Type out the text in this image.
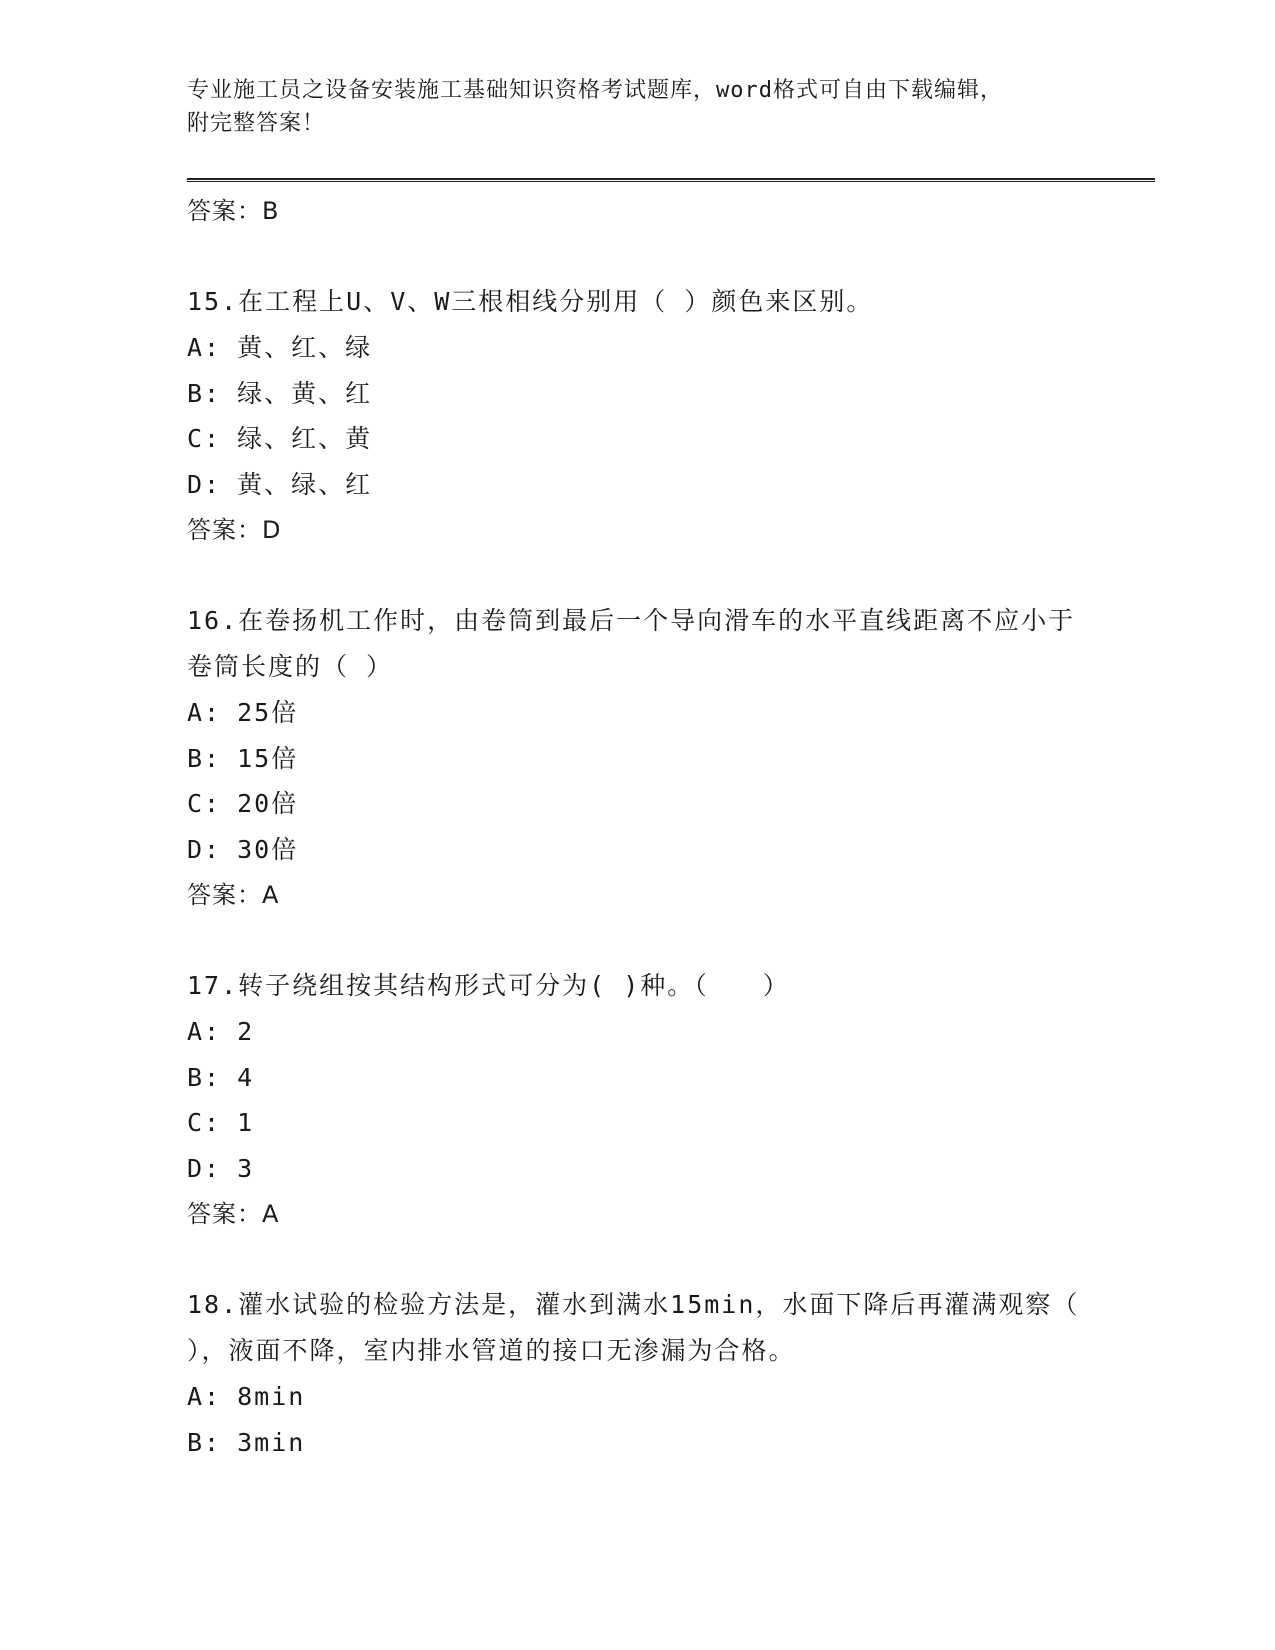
专业施工员之设备安装施工基础知识资格考试题库，word格式可自由下载编辑，
附完整答案！
答案：B
15.在工程上U、V、W三根相线分别用（ ）颜色来区别。
A: 黄、红、绿
B: 绿、黄、红
C: 绿、红、黄
D: 黄、绿、红
答案：D
16.在卷扬机工作时，由卷筒到最后一个导向滑车的水平直线距离不应小于卷筒长度的（ ）
A: 25倍
B: 15倍
C: 20倍
D: 30倍
答案：A
17.转子绕组按其结构形式可分为( )种。（　　）
A: 2
B: 4
C: 1
D: 3
答案：A
18.灌水试验的检验方法是，灌水到满水15min，水面下降后再灌满观察（ ），液面不降，室内排水管道的接口无渗漏为合格。
A: 8min
B: 3min
